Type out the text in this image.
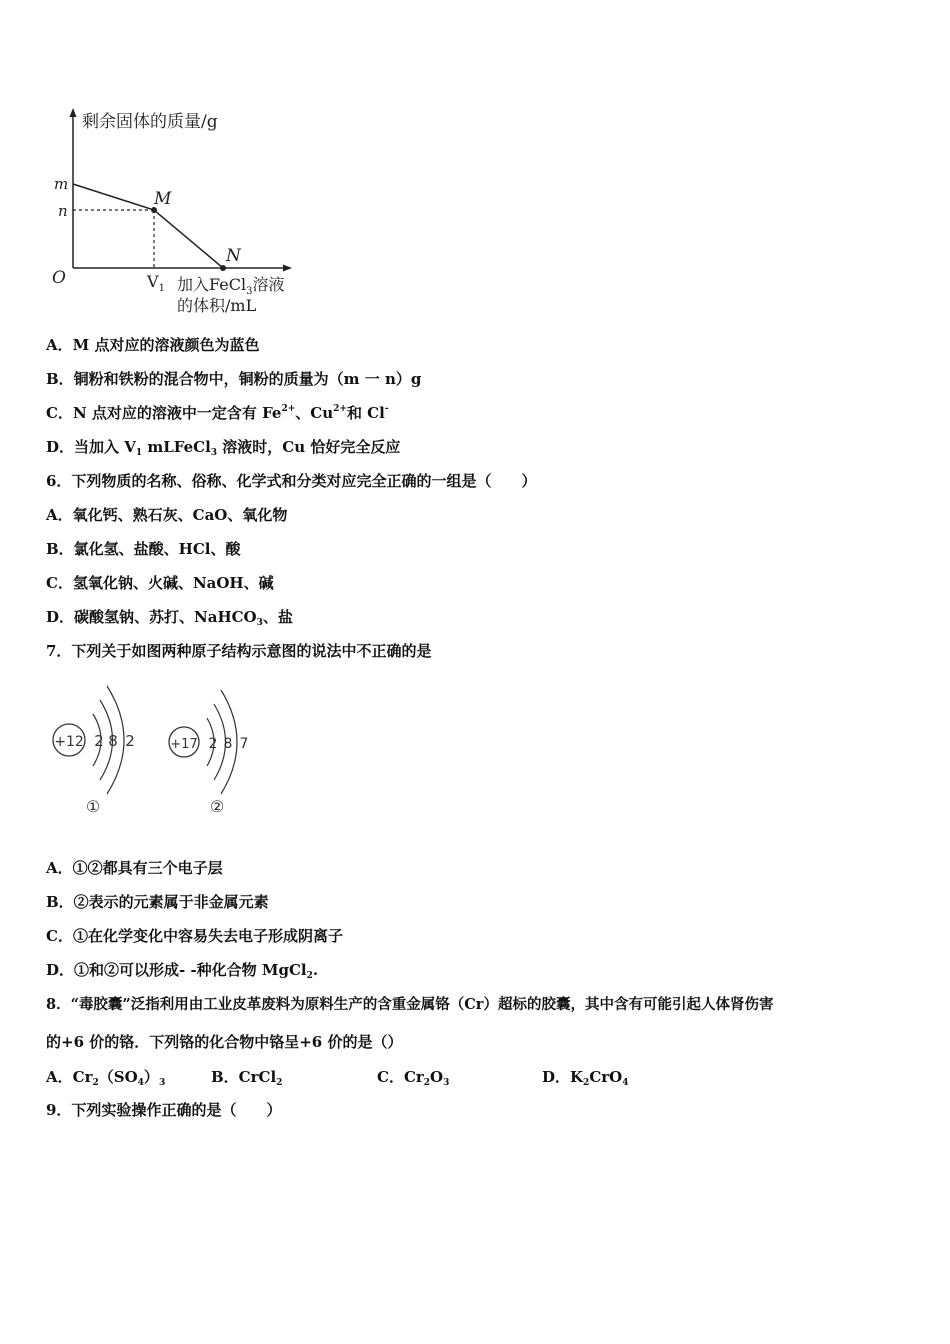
剩余固体的质量/g
m
n
O
M
N
$V_1$ 加入FeCl$_3$溶液
的体积/mL
A．M 点对应的溶液颜色为蓝色
B．铜粉和铁粉的混合物中，铜粉的质量为（m 一 n）g
C．N 点对应的溶液中一定含有 $Fe^{2+}$、$Cu^{2+}$和 Cl-
D．当加入 $V_1$ mLFeCl$_3$ 溶液时，Cu 恰好完全反应
6．下列物质的名称、俗称、化学式和分类对应完全正确的一组是（　　）
A．氧化钙、熟石灰、CaO、氧化物
B．氯化氢、盐酸、HCl、酸
C．氢氧化钠、火碱、NaOH、碱
D．碳酸氢钠、苏打、NaHCO$_3$、盐
7．下列关于如图两种原子结构示意图的说法中不正确的是
+12 2 8 2
①
+17 2 8 7
②
A．①②都具有三个电子层
B．②表示的元素属于非金属元素
C．①在化学变化中容易失去电子形成阴离子
D．①和②可以形成- -种化合物 MgCl$_2$.
8．“毒胶囊”泛指利用由工业皮革废料为原料生产的含重金属铬（Cr）超标的胶囊，其中含有可能引起人体肾伤害
的+6 价的铬．下列铬的化合物中铬呈+6 价的是（）
A．$Cr_2(SO_4)_3$	B．CrCl$_2$	C．$Cr_2O_3$	D．$K_2CrO_4$
9．下列实验操作正确的是（　　）
